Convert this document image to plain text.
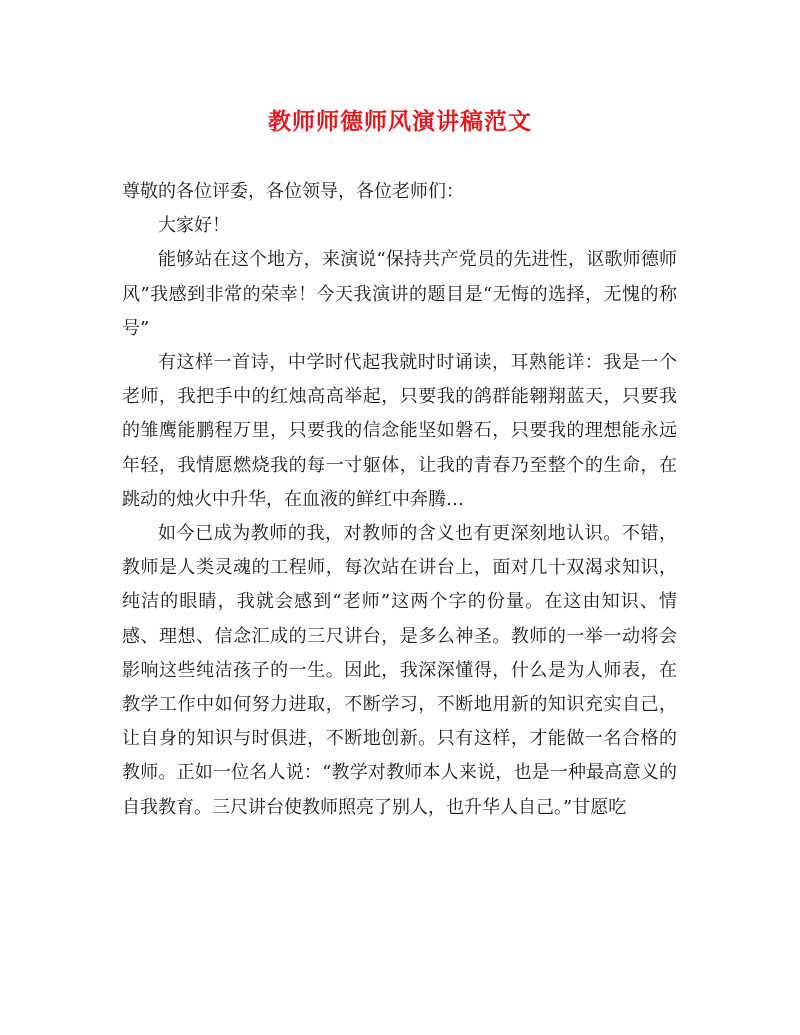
教师师德师风演讲稿范文

尊敬的各位评委，各位领导，各位老师们：

大家好！

能够站在这个地方，来演说“保持共产党员的先进性，讴歌师德师风”我感到非常的荣幸！今天我演讲的题目是“无悔的选择，无愧的称号”

有这样一首诗，中学时代起我就时时诵读，耳熟能详：我是一个老师，我把手中的红烛高高举起，只要我的鸽群能翱翔蓝天，只要我的雏鹰能鹏程万里，只要我的信念能坚如磐石，只要我的理想能永远年轻，我情愿燃烧我的每一寸躯体，让我的青春乃至整个的生命，在跳动的烛火中升华，在血液的鲜红中奔腾…

如今已成为教师的我，对教师的含义也有更深刻地认识。不错，教师是人类灵魂的工程师，每次站在讲台上，面对几十双渴求知识，纯洁的眼睛，我就会感到“老师”这两个字的份量。在这由知识、情感、理想、信念汇成的三尺讲台，是多么神圣。教师的一举一动将会影响这些纯洁孩子的一生。因此，我深深懂得，什么是为人师表，在教学工作中如何努力进取，不断学习，不断地用新的知识充实自己，让自身的知识与时俱进，不断地创新。只有这样，才能做一名合格的教师。正如一位名人说：“教学对教师本人来说，也是一种最高意义的自我教育。三尺讲台使教师照亮了别人，也升华人自己。”甘愿吃
